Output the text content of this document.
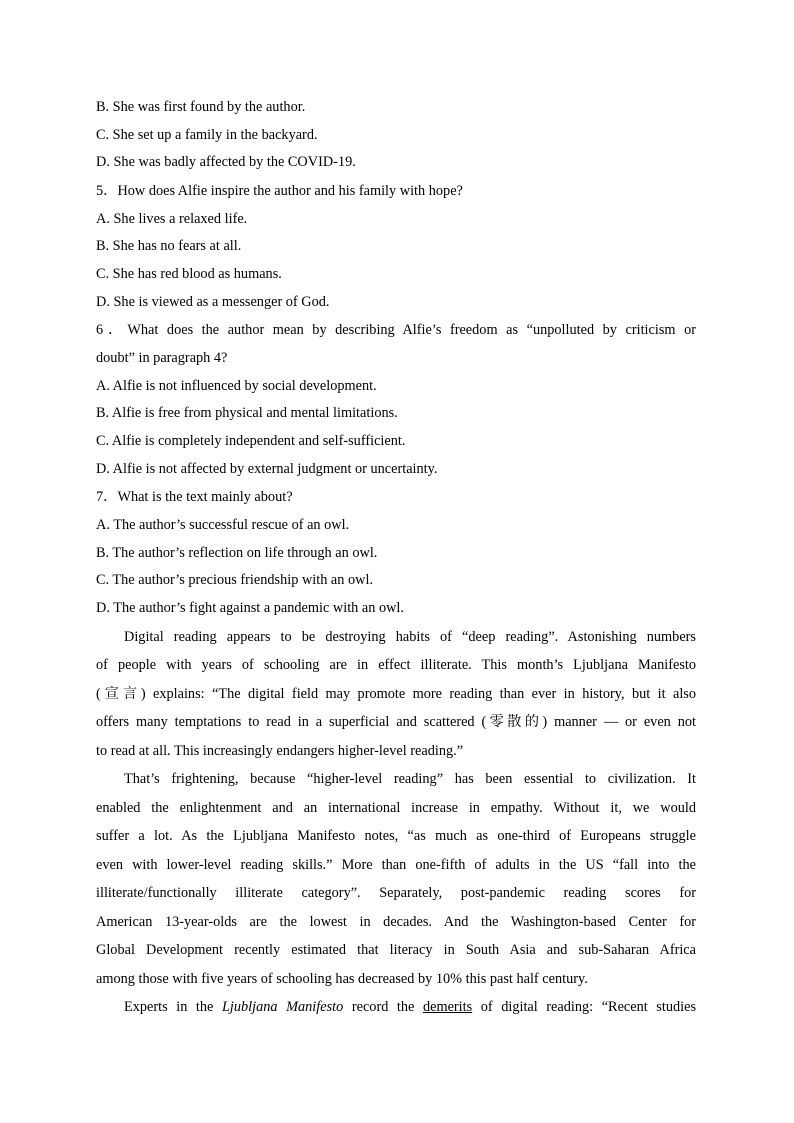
B. She was first found by the author.
C. She set up a family in the backyard.
D. She was badly affected by the COVID-19.
5．How does Alfie inspire the author and his family with hope?
A. She lives a relaxed life.
B. She has no fears at all.
C. She has red blood as humans.
D. She is viewed as a messenger of God.
6．What does the author mean by describing Alfie’s freedom as “unpolluted by criticism or
doubt” in paragraph 4?
A. Alfie is not influenced by social development.
B. Alfie is free from physical and mental limitations.
C. Alfie is completely independent and self-sufficient.
D. Alfie is not affected by external judgment or uncertainty.
7．What is the text mainly about?
A. The author’s successful rescue of an owl.
B. The author’s reflection on life through an owl.
C. The author’s precious friendship with an owl.
D. The author’s fight against a pandemic with an owl.

Digital reading appears to be destroying habits of “deep reading”. Astonishing numbers
of people with years of schooling are in effect illiterate. This month’s Ljubljana Manifesto
(宣言) explains: “The digital field may promote more reading than ever in history, but it also
offers many temptations to read in a superficial and scattered (零散的) manner — or even not
to read at all. This increasingly endangers higher-level reading.”

That’s frightening, because “higher-level reading” has been essential to civilization. It
enabled the enlightenment and an international increase in empathy. Without it, we would
suffer a lot. As the Ljubljana Manifesto notes, “as much as one-third of Europeans struggle
even with lower-level reading skills.” More than one-fifth of adults in the US “fall into the
illiterate/functionally illiterate category”. Separately, post-pandemic reading scores for
American 13-year-olds are the lowest in decades. And the Washington-based Center for
Global Development recently estimated that literacy in South Asia and sub-Saharan Africa
among those with five years of schooling has decreased by 10% this past half century.

Experts in the Ljubljana Manifesto record the demerits of digital reading: “Recent studies
